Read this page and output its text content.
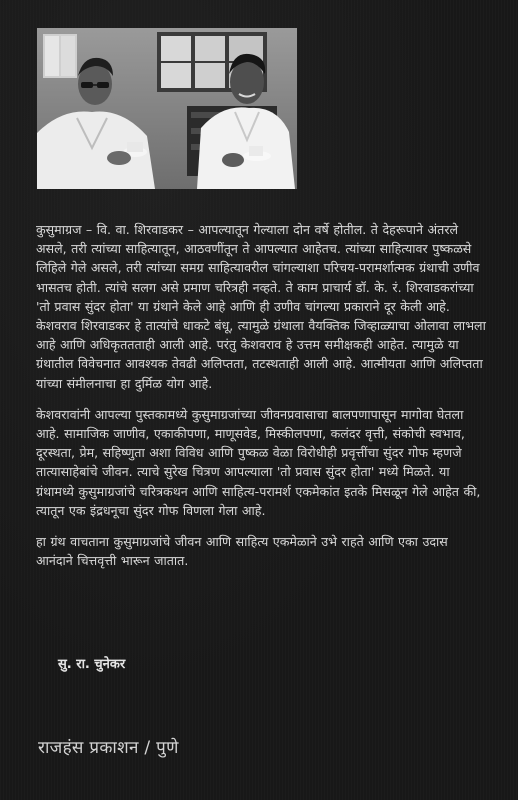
कुसुमाग्रज – वि. वा. शिरवाडकर – आपल्यातून गेल्याला दोन वर्षे होतील. ते देहरूपाने अंतरले असले, तरी त्यांच्या साहित्यातून, आठवणींतून ते आपल्यात आहेतच. त्यांच्या साहित्यावर पुष्कळसे लिहिले गेले असले, तरी त्यांच्या समग्र साहित्यावरील चांगल्याशा परिचय-परामर्शात्मक ग्रंथाची उणीव भासतच होती. त्यांचे सलग असे प्रमाण चरित्रही नव्हते. ते काम प्राचार्य डॉ. के. रं. शिरवाडकरांच्या 'तो प्रवास सुंदर होता' या ग्रंथाने केले आहे आणि ही उणीव चांगल्या प्रकाराने दूर केली आहे. केशवराव शिरवाडकर हे तात्यांचे धाकटे बंधू, त्यामुळे ग्रंथाला वैयक्तिक जिव्हाळ्याचा ओलावा लाभला आहे आणि अधिकृततताही आली आहे. परंतु केशवराव हे उत्तम समीक्षकही आहेत. त्यामुळे या ग्रंथातील विवेचनात आवश्यक तेवढी अलिप्तता, तटस्थताही आली आहे. आत्मीयता आणि अलिप्तता यांच्या संमीलनाचा हा दुर्मिळ योग आहे.

केशवरावांनी आपल्या पुस्तकामध्ये कुसुमाग्रजांच्या जीवनप्रवासाचा बालपणापासून मागोवा घेतला आहे. सामाजिक जाणीव, एकाकीपणा, माणूसवेड, मिस्कीलपणा, कलंदर वृत्ती, संकोची स्वभाव, दूरस्थता, प्रेम, सहिष्णुता अशा विविध आणि पुष्कळ वेळा विरोधीही प्रवृत्तींचा सुंदर गोफ म्हणजे तात्यासाहेबांचे जीवन. त्याचे सुरेख चित्रण आपल्याला 'तो प्रवास सुंदर होता' मध्ये मिळते. या ग्रंथामध्ये कुसुमाग्रजांचे चरित्रकथन आणि साहित्य-परामर्श एकमेकांत इतके मिसळून गेले आहेत की, त्यातून एक इंद्रधनूचा सुंदर गोफ विणला गेला आहे.

हा ग्रंथ वाचताना कुसुमाग्रजांचे जीवन आणि साहित्य एकमेळाने उभे राहते आणि एका उदास आनंदाने चित्तवृत्ती भारून जातात.

सु. रा. चुनेकर
राजहंस प्रकाशन / पुणे
